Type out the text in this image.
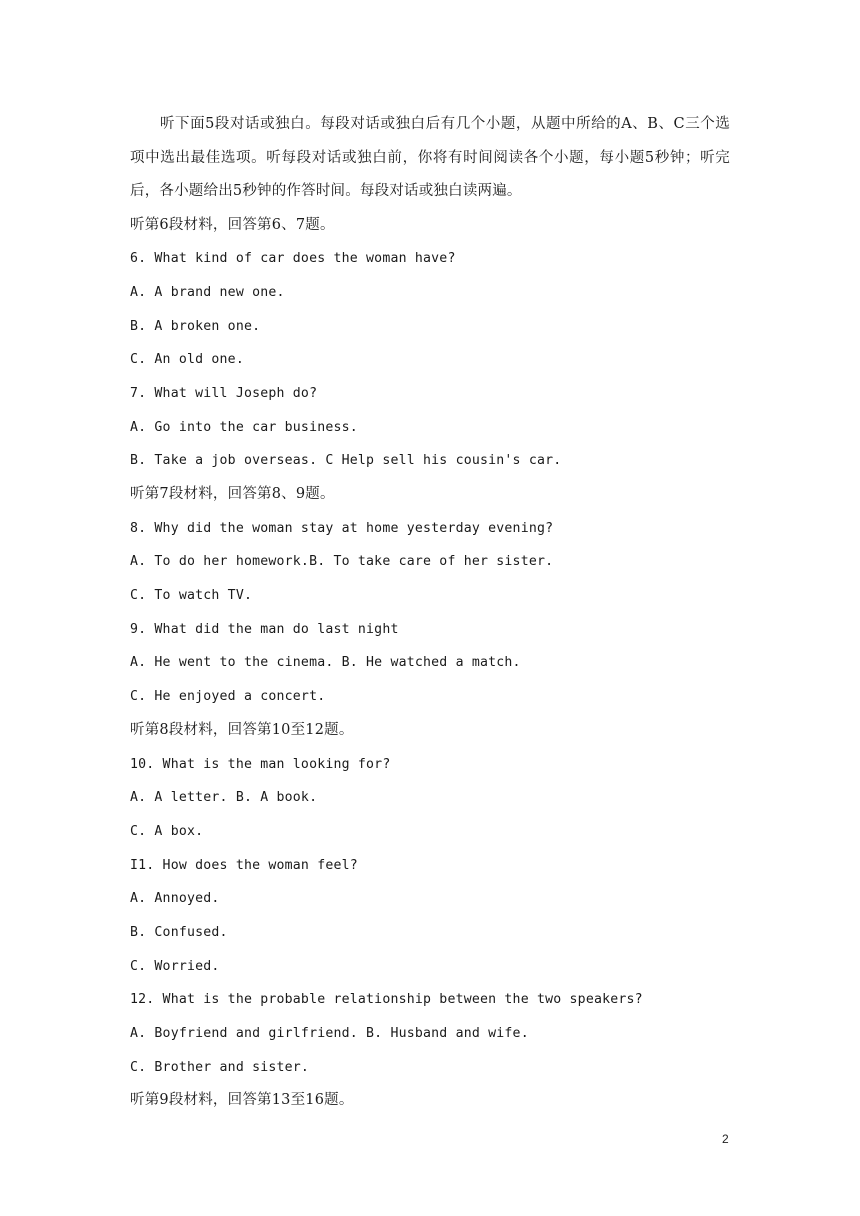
听下面5段对话或独白。每段对话或独白后有几个小题，从题中所给的A、B、C三个选项中选出最佳选项。听每段对话或独白前，你将有时间阅读各个小题，每小题5秒钟；听完后，各小题给出5秒钟的作答时间。每段对话或独白读两遍。

听第6段材料，回答第6、7题。

6. What kind of car does the woman have?

A. A brand new one.

B. A broken one.

C. An old one.

7. What will Joseph do?

A. Go into the car business.

B. Take a job overseas. C Help sell his cousin's car.

听第7段材料，回答第8、9题。

8. Why did the woman stay at home yesterday evening?

A. To do her homework.B. To take care of her sister.

C. To watch TV.

9. What did the man do last night

A. He went to the cinema. B. He watched a match.

C. He enjoyed a concert.

听第8段材料，回答第10至12题。

10. What is the man looking for?

A. A letter. B. A book.

C. A box.

I1. How does the woman feel?

A. Annoyed.

B. Confused.

C. Worried.

12. What is the probable relationship between the two speakers?

A. Boyfriend and girlfriend. B. Husband and wife.

C. Brother and sister.

听第9段材料，回答第13至16题。

2
